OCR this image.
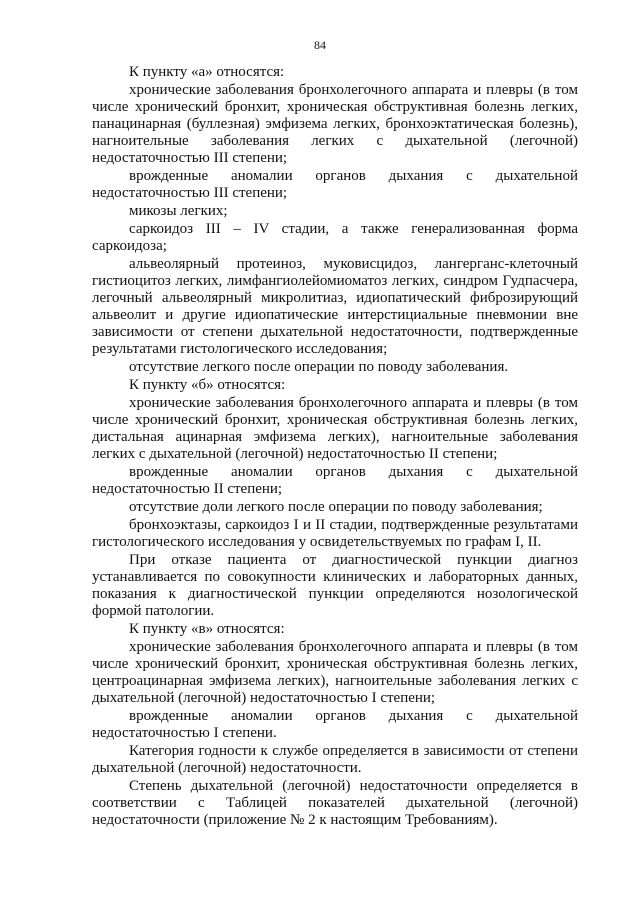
84

К пункту «а» относятся:

хронические заболевания бронхолегочного аппарата и плевры (в том числе хронический бронхит, хроническая обструктивная болезнь легких, панацинарная (буллезная) эмфизема легких, бронхоэктатическая болезнь), нагноительные заболевания легких с дыхательной (легочной) недостаточностью III степени;

врожденные аномалии органов дыхания с дыхательной недостаточностью III степени;

микозы легких;

саркоидоз III – IV стадии, а также генерализованная форма саркоидоза;

альвеолярный протеиноз, муковисцидоз, лангерганс-клеточный гистиоцитоз легких, лимфангиолейомиоматоз легких, синдром Гудпасчера, легочный альвеолярный микролитиаз, идиопатический фиброзирующий альвеолит и другие идиопатические интерстициальные пневмонии вне зависимости от степени дыхательной недостаточности, подтвержденные результатами гистологического исследования;

отсутствие легкого после операции по поводу заболевания.

К пункту «б» относятся:

хронические заболевания бронхолегочного аппарата и плевры (в том числе хронический бронхит, хроническая обструктивная болезнь легких, дистальная ацинарная эмфизема легких), нагноительные заболевания легких с дыхательной (легочной) недостаточностью II степени;

врожденные аномалии органов дыхания с дыхательной недостаточностью II степени;

отсутствие доли легкого после операции по поводу заболевания;

бронхоэктазы, саркоидоз I и II стадии, подтвержденные результатами гистологического исследования у освидетельствуемых по графам I, II.

При отказе пациента от диагностической пункции диагноз устанавливается по совокупности клинических и лабораторных данных, показания к диагностической пункции определяются нозологической формой патологии.

К пункту «в» относятся:

хронические заболевания бронхолегочного аппарата и плевры (в том числе хронический бронхит, хроническая обструктивная болезнь легких, центроацинарная эмфизема легких), нагноительные заболевания легких с дыхательной (легочной) недостаточностью I степени;

врожденные аномалии органов дыхания с дыхательной недостаточностью I степени.

Категория годности к службе определяется в зависимости от степени дыхательной (легочной) недостаточности.

Степень дыхательной (легочной) недостаточности определяется в соответствии с Таблицей показателей дыхательной (легочной) недостаточности (приложение № 2 к настоящим Требованиям).
